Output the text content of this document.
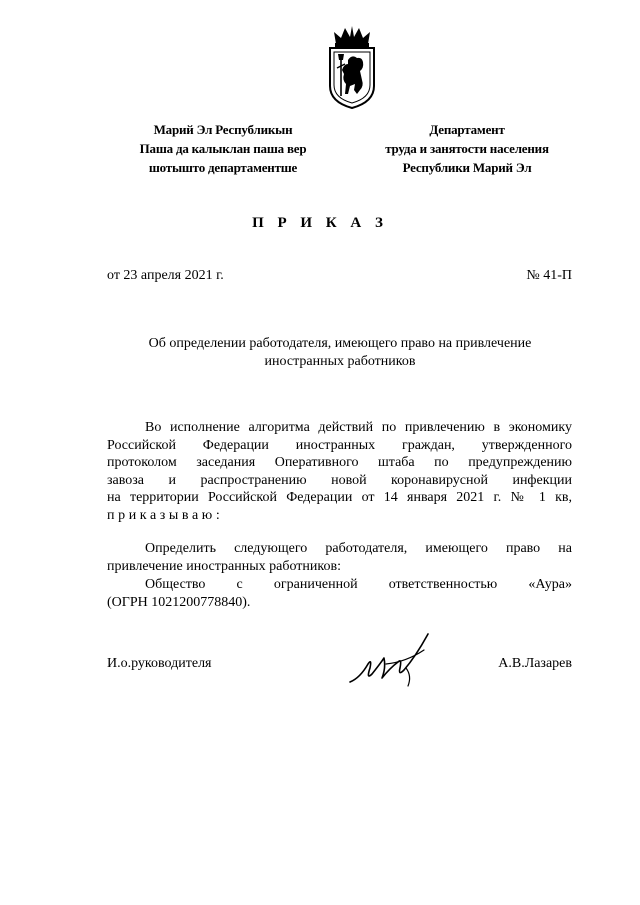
Марий Эл Республикын
Паша да калыклан паша вер
шотышто департаментше
Департамент
труда и занятости населения
Республики Марий Эл
П Р И К А З
от 23 апреля 2021 г.	№ 41-П
Об определении работодателя, имеющего право на привлечение
иностранных работников
Во исполнение алгоритма действий по привлечению в экономику
Российской Федерации иностранных граждан, утвержденного
протоколом заседания Оперативного штаба по предупреждению
завоза и распространению новой коронавирусной инфекции
на территории Российской Федерации от 14 января 2021 г. № 1 кв,
приказываю:
Определить следующего работодателя, имеющего право на
привлечение иностранных работников:
Общество с ограниченной ответственностью «Аура»
(ОГРН 1021200778840).
И.о.руководителя	А.В.Лазарев
